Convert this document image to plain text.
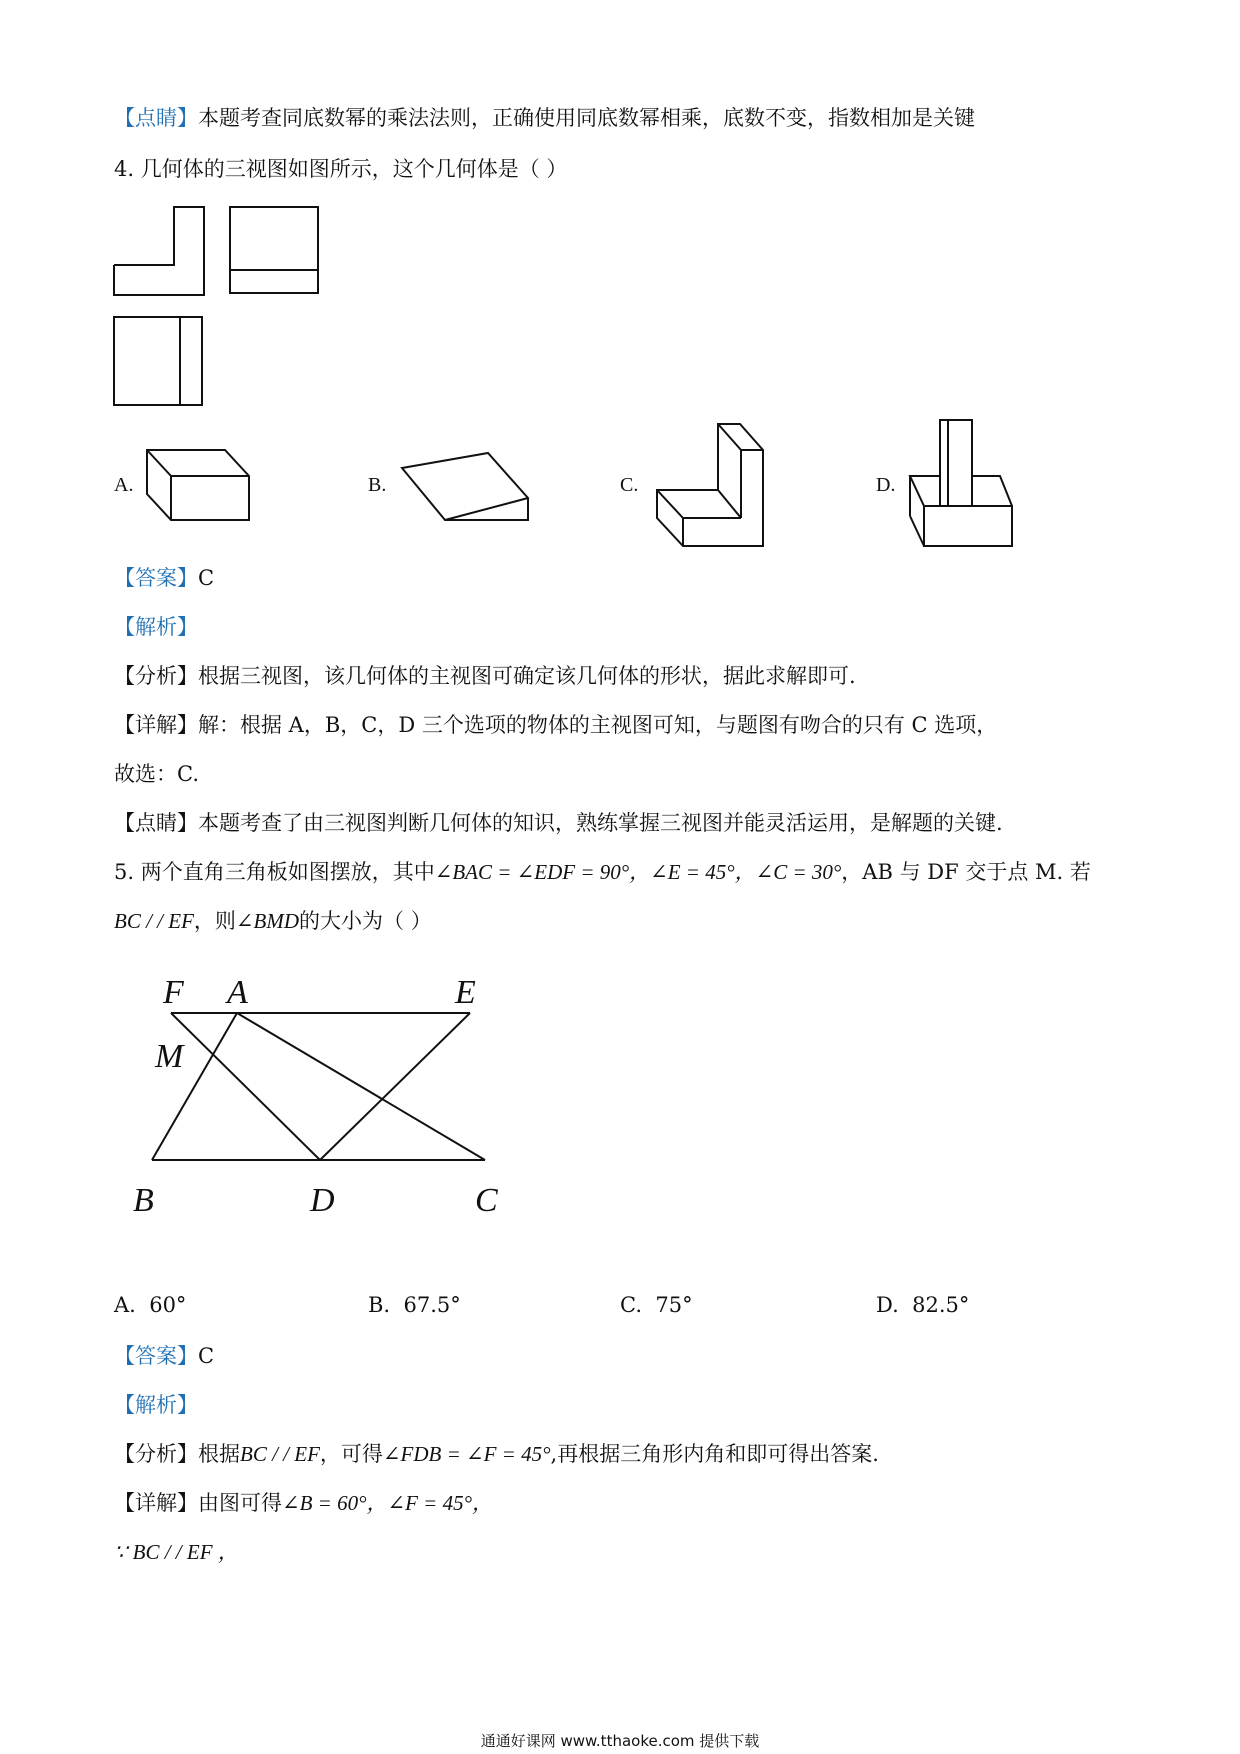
【点睛】本题考查同底数幂的乘法法则，正确使用同底数幂相乘，底数不变，指数相加是关键
4. 几何体的三视图如图所示，这个几何体是（ ）
A.	B.	C.	D.
【答案】C
【解析】
【分析】根据三视图，该几何体的主视图可确定该几何体的形状，据此求解即可.
【详解】解：根据 A，B，C，D 三个选项的物体的主视图可知，与题图有吻合的只有 C 选项，
故选：C.
【点睛】本题考查了由三视图判断几何体的知识，熟练掌握三视图并能灵活运用，是解题的关键.
5. 两个直角三角板如图摆放，其中∠BAC = ∠EDF = 90°，∠E = 45°，∠C = 30°，AB 与 DF 交于点 M. 若
BC / / EF，则∠BMD的大小为（ ）
F A	E
M
B	D	C
A. 60°	B. 67.5°	C. 75°	D. 82.5°
【答案】C
【解析】
【分析】根据BC / / EF，可得∠FDB = ∠F = 45°,再根据三角形内角和即可得出答案.
【详解】由图可得∠B = 60°，∠F = 45°，
∵ BC / / EF ，
通通好课网 www.tthaoke.com 提供下载
